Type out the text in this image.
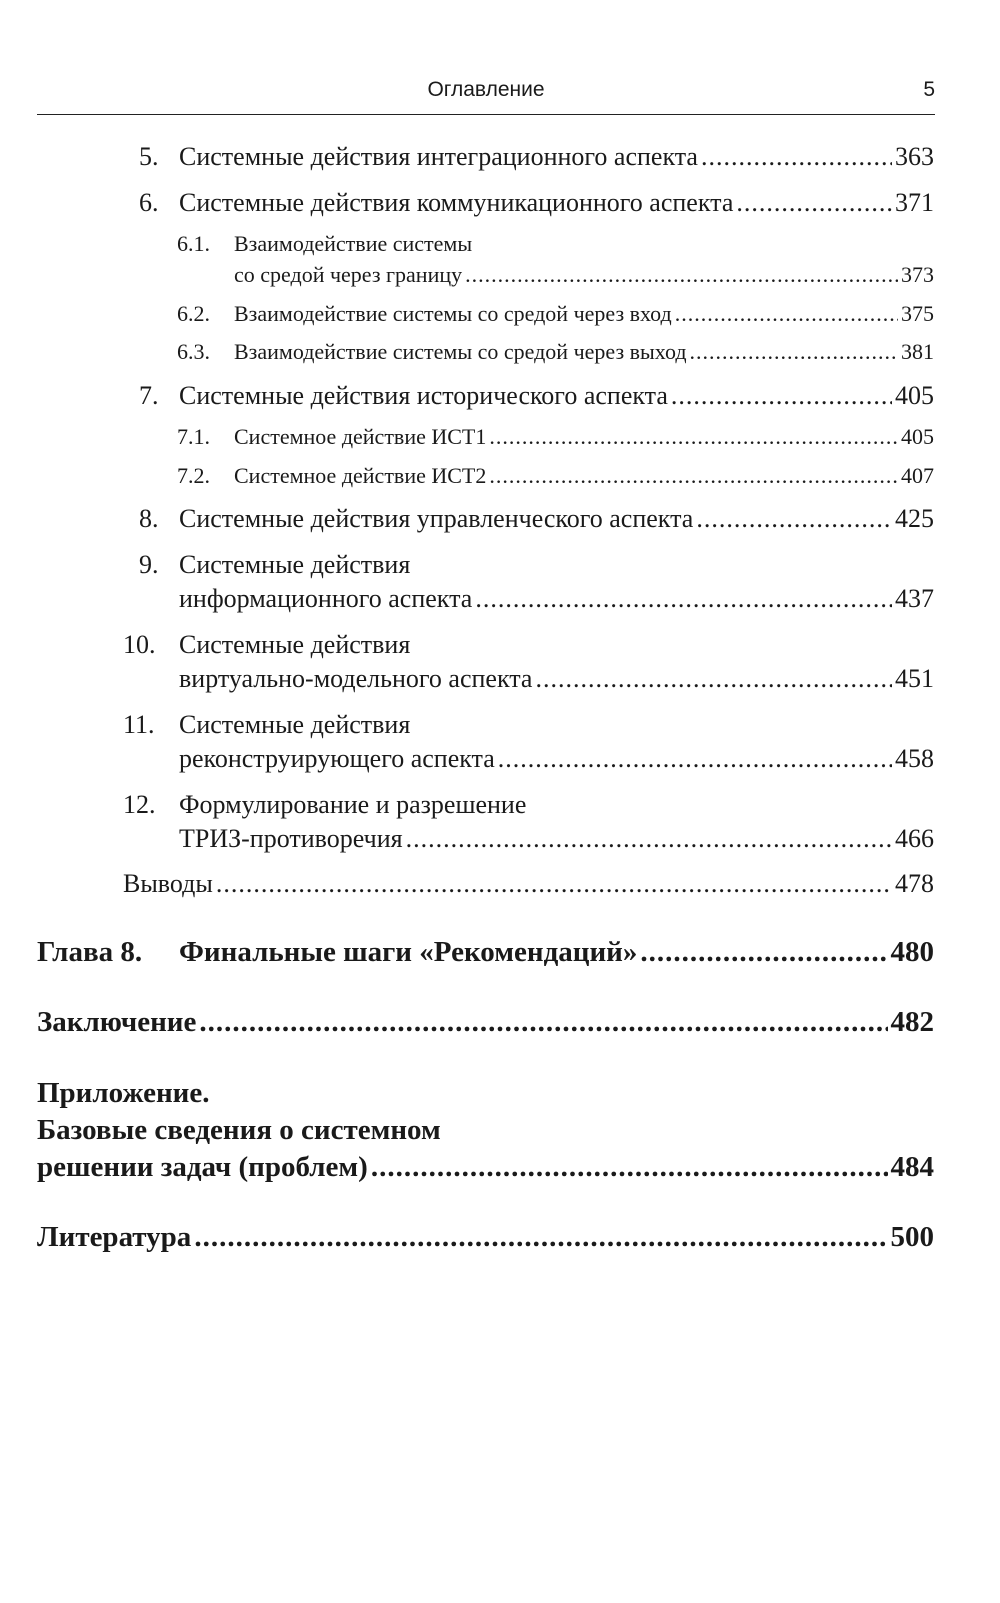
Оглавление	5
5. Системные действия интеграционного аспекта .....	363
6. Системные действия коммуникационного аспекта .....	371
6.1. Взаимодействие системы
со средой через границу .....	373
6.2. Взаимодействие системы со средой через вход .....	375
6.3. Взаимодействие системы со средой через выход .....	381
7. Системные действия исторического аспекта .....	405
7.1. Системное действие ИСТ1 .....	405
7.2. Системное действие ИСТ2 .....	407
8. Системные действия управленческого аспекта .....	425
9. Системные действия
информационного аспекта .....	437
10. Системные действия
виртуально-модельного аспекта .....	451
11. Системные действия
реконструирующего аспекта .....	458
12. Формулирование и разрешение
ТРИЗ-противоречия .....	466
Выводы .....	478
Глава 8. Финальные шаги «Рекомендаций» .....	480
Заключение .....	482
Приложение.
Базовые сведения о системном
решении задач (проблем) .....	484
Литература .....	500
